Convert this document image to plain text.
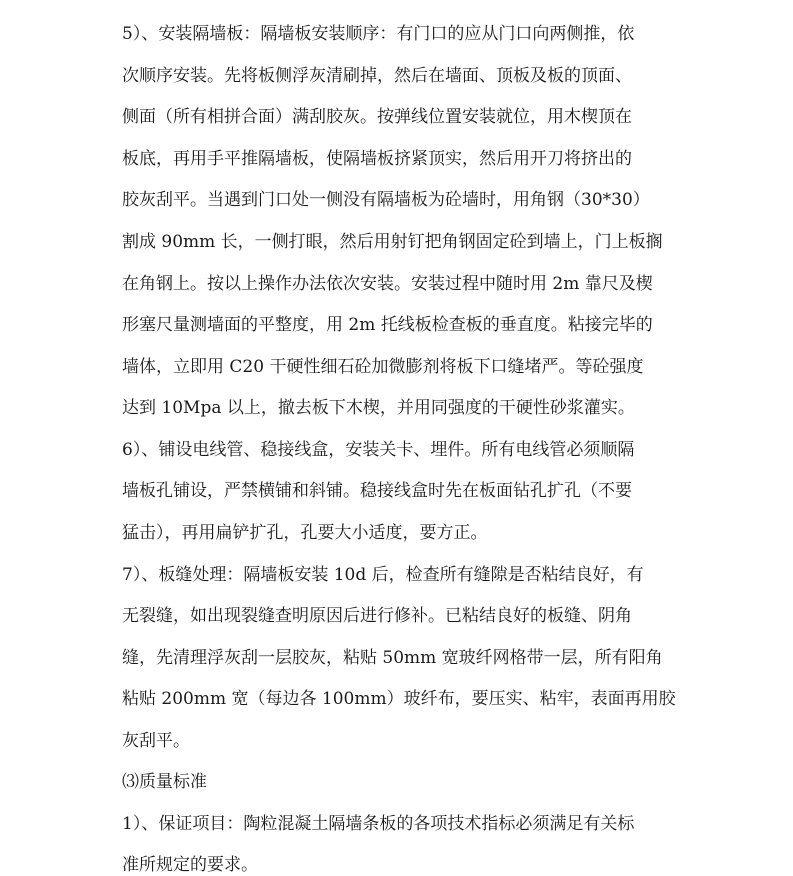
5）、安装隔墙板：隔墙板安装顺序：有门口的应从门口向两侧推，依
次顺序安装。先将板侧浮灰清刷掉，然后在墙面、顶板及板的顶面、
侧面（所有相拼合面）满刮胶灰。按弹线位置安装就位，用木楔顶在
板底，再用手平推隔墙板，使隔墙板挤紧顶实，然后用开刀将挤出的
胶灰刮平。当遇到门口处一侧没有隔墙板为砼墙时，用角钢（30*30）
割成 90mm 长，一侧打眼，然后用射钉把角钢固定砼到墙上，门上板搁
在角钢上。按以上操作办法依次安装。安装过程中随时用 2m 靠尺及楔
形塞尺量测墙面的平整度，用 2m 托线板检查板的垂直度。粘接完毕的
墙体，立即用 C20 干硬性细石砼加微膨剂将板下口缝堵严。等砼强度
达到 10Mpa 以上，撤去板下木楔，并用同强度的干硬性砂浆灌实。
6）、铺设电线管、稳接线盒，安装关卡、埋件。所有电线管必须顺隔
墙板孔铺设，严禁横铺和斜铺。稳接线盒时先在板面钻孔扩孔（不要
猛击），再用扁铲扩孔，孔要大小适度，要方正。
7）、板缝处理：隔墙板安装 10d 后，检查所有缝隙是否粘结良好，有
无裂缝，如出现裂缝查明原因后进行修补。已粘结良好的板缝、阴角
缝，先清理浮灰刮一层胶灰，粘贴 50mm 宽玻纤网格带一层，所有阳角
粘贴 200mm 宽（每边各 100mm）玻纤布，要压实、粘牢，表面再用胶
灰刮平。
⑶质量标准
1）、保证项目：陶粒混凝土隔墙条板的各项技术指标必须满足有关标
准所规定的要求。
